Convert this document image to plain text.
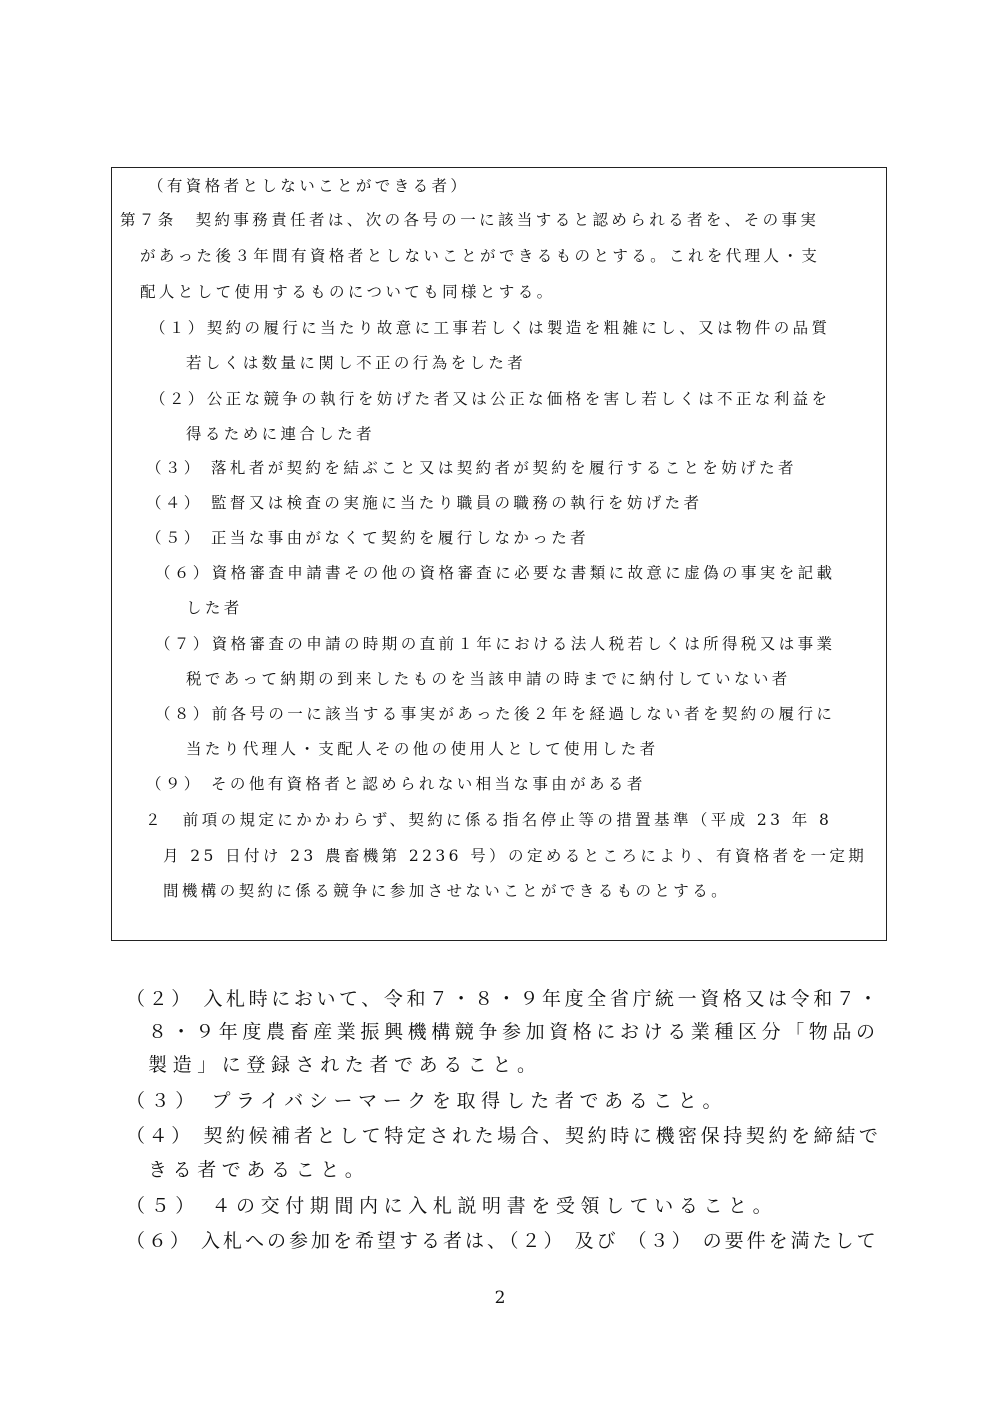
（有資格者としないことができる者）
第７条　契約事務責任者は、次の各号の一に該当すると認められる者を、その事実
があった後３年間有資格者としないことができるものとする。これを代理人・支
配人として使用するものについても同様とする。
（１）契約の履行に当たり故意に工事若しくは製造を粗雑にし、又は物件の品質
若しくは数量に関し不正の行為をした者
（２）公正な競争の執行を妨げた者又は公正な価格を害し若しくは不正な利益を
得るために連合した者
（３） 落札者が契約を結ぶこと又は契約者が契約を履行することを妨げた者
（４） 監督又は検査の実施に当たり職員の職務の執行を妨げた者
（５） 正当な事由がなくて契約を履行しなかった者
（６）資格審査申請書その他の資格審査に必要な書類に故意に虚偽の事実を記載
した者
（７）資格審査の申請の時期の直前１年における法人税若しくは所得税又は事業
税であって納期の到来したものを当該申請の時までに納付していない者
（８）前各号の一に該当する事実があった後２年を経過しない者を契約の履行に
当たり代理人・支配人その他の使用人として使用した者
（９） その他有資格者と認められない相当な事由がある者
２　前項の規定にかかわらず、契約に係る指名停止等の措置基準（平成 23 年 8
月 25 日付け 23 農畜機第 2236 号）の定めるところにより、有資格者を一定期
間機構の契約に係る競争に参加させないことができるものとする。
（２） 入札時において、令和７・８・９年度全省庁統一資格又は令和７・
８・９年度農畜産業振興機構競争参加資格における業種区分「物品の
製造」に登録された者であること。
（３） プライバシーマークを取得した者であること。
（４） 契約候補者として特定された場合、契約時に機密保持契約を締結で
きる者であること。
（５） ４の交付期間内に入札説明書を受領していること。
（６） 入札への参加を希望する者は、（２） 及び （３） の要件を満たして
2
